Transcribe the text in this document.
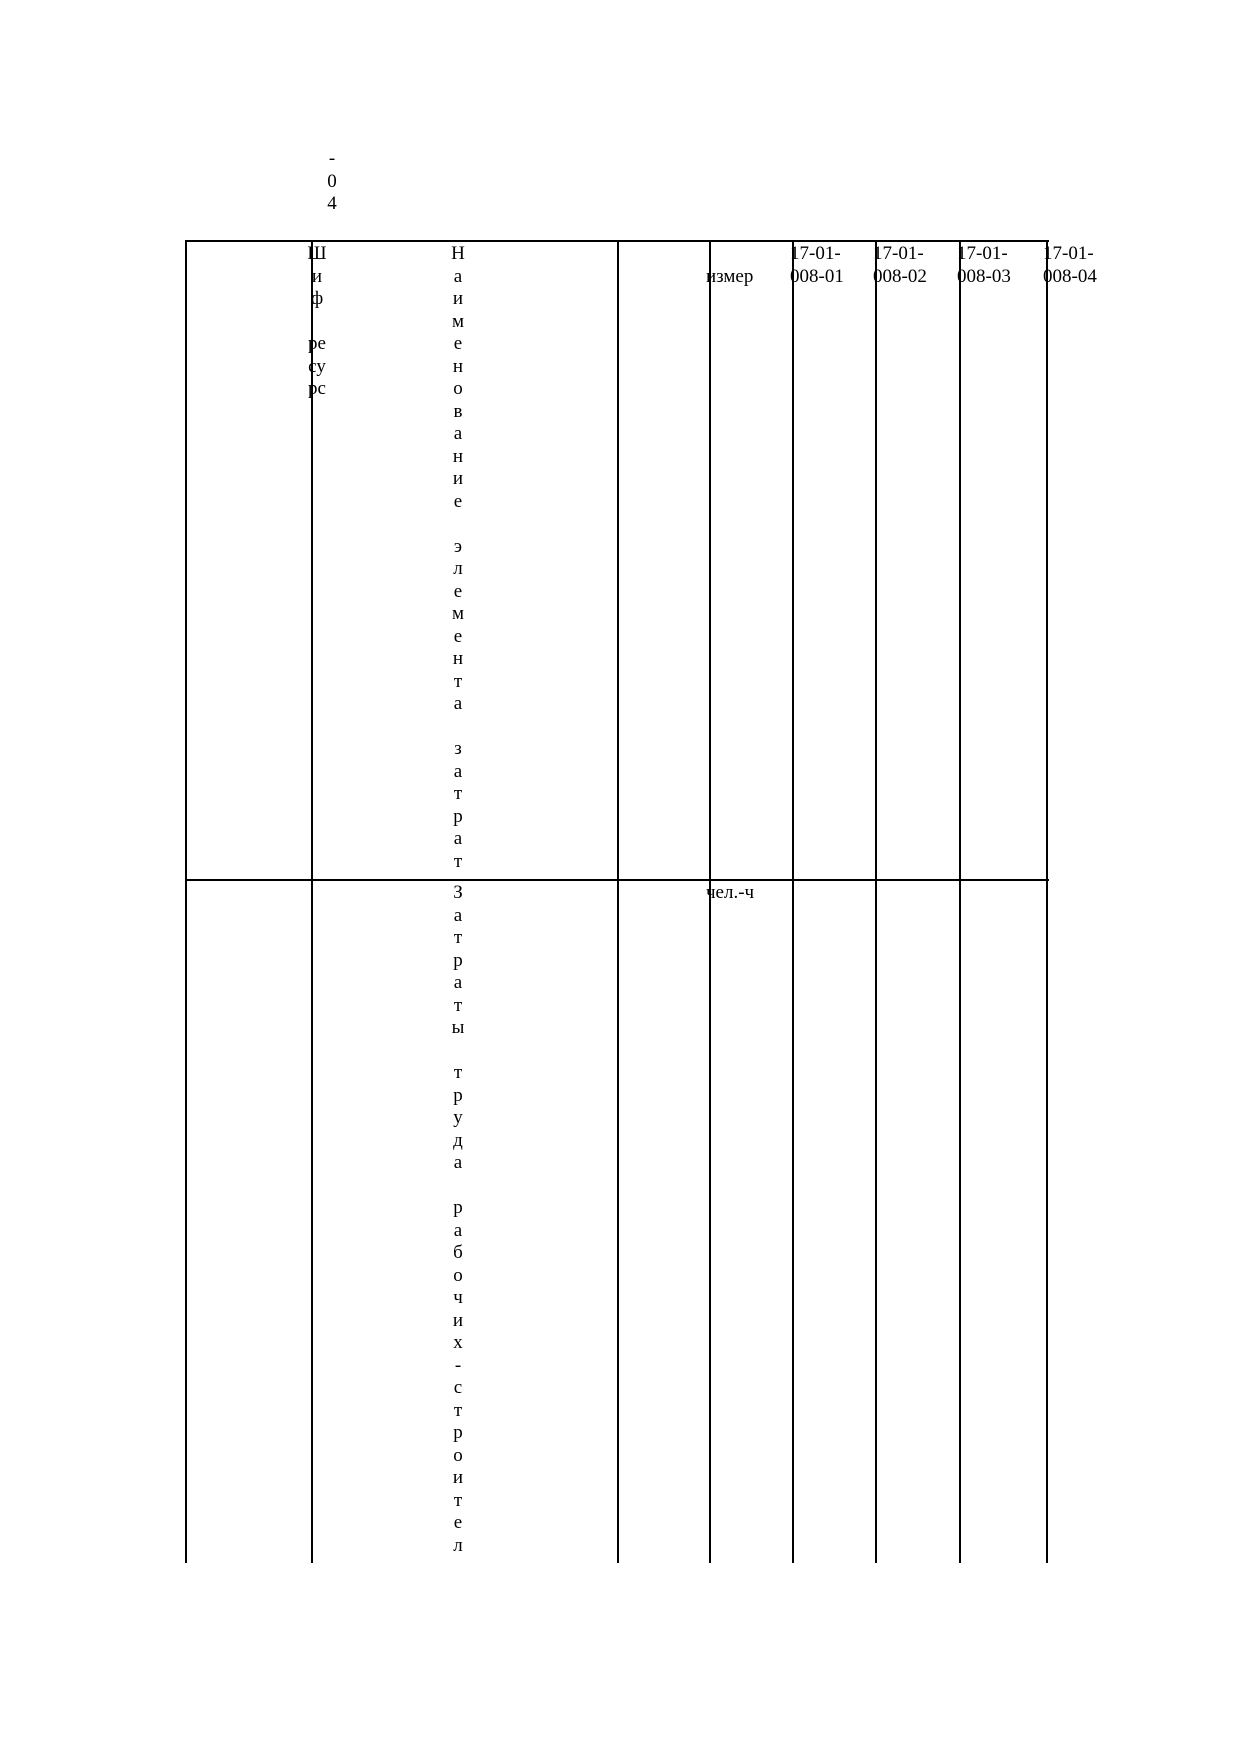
-
0
4
Ш
и
ф

ре
су
рс
Н
а
и
м
е
н
о
в
а
н
и
е

э
л
е
м
е
н
т
а

з
а
т
р
а
т
измер
17-01-
008-01
17-01-
008-02
17-01-
008-03
17-01-
008-04
З
а
т
р
а
т
ы

т
р
у
д
а

р
а
б
о
ч
и
х
-
с
т
р
о
и
т
е
л
чел.-ч
